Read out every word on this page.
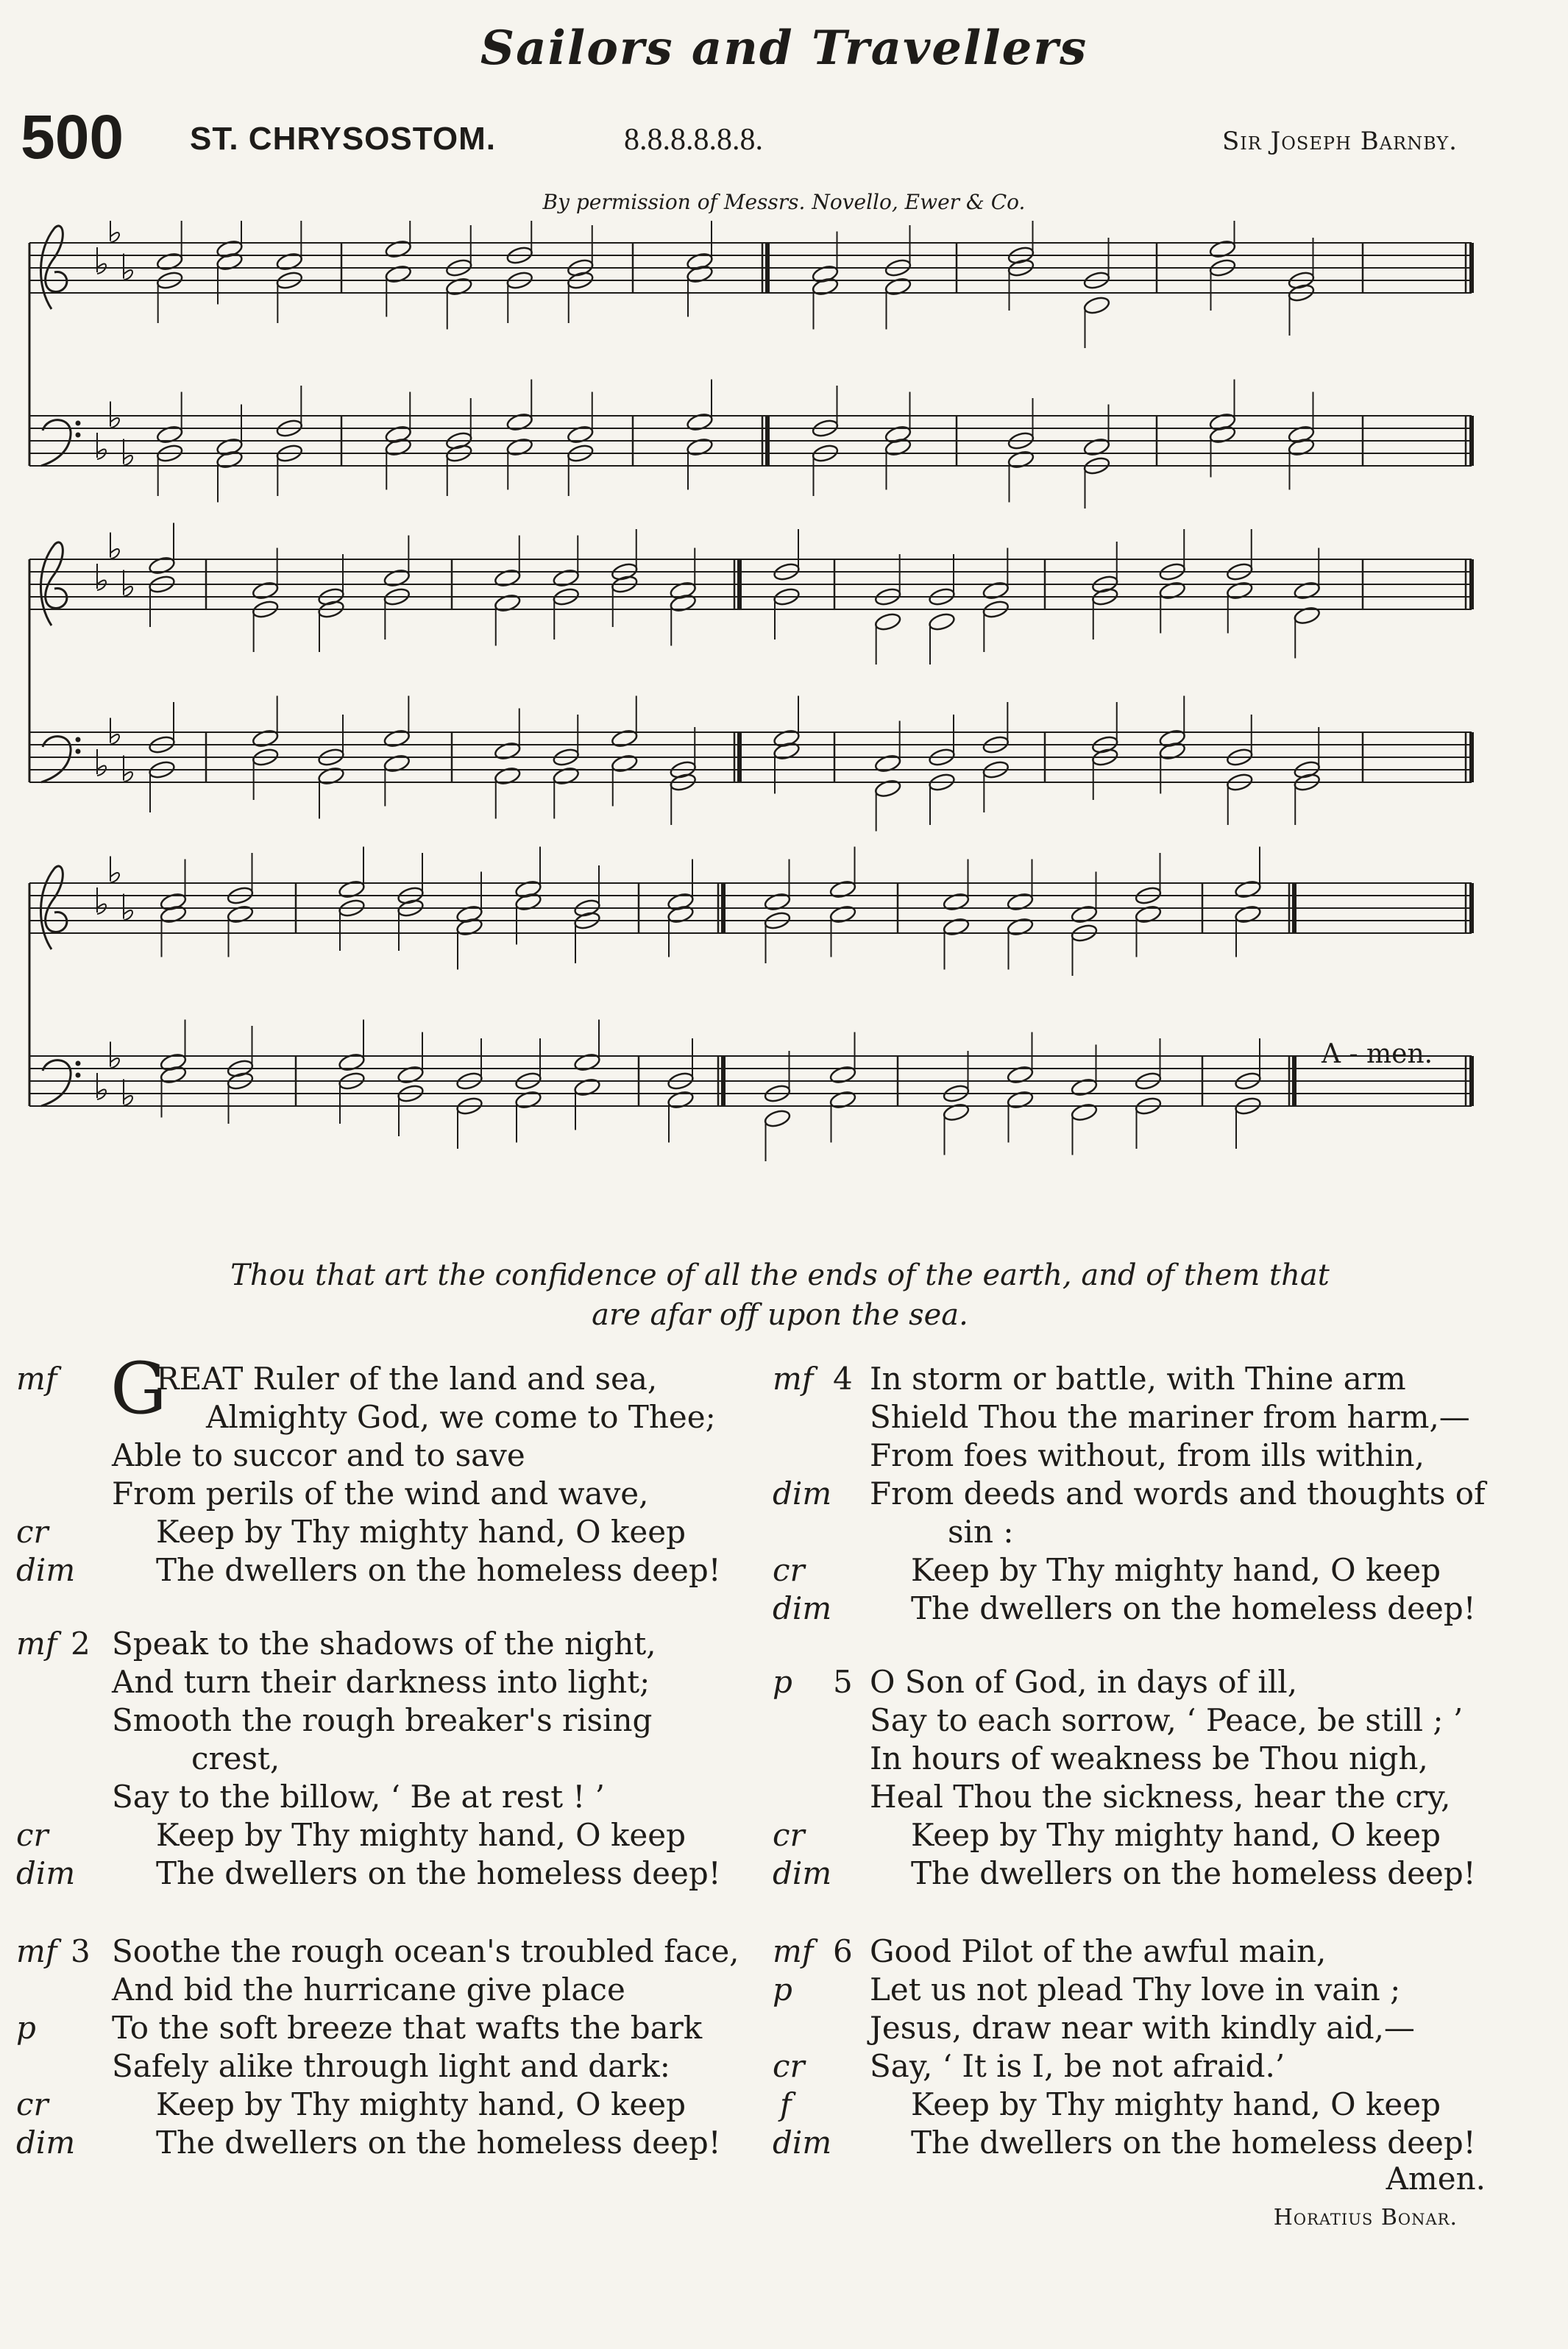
Sailors and Travellers
500 ST. CHRYSOSTOM.	8.8.8.8.8.8.	Sir Joseph Barnby.
By permission of Messrs. Novello, Ewer & Co.
A - men.
Thou that art the confidence of all the ends of the earth, and of them that
are afar off upon the sea.
mf G
REAT Ruler of the land and sea,
Almighty God, we come to Thee;
Able to succor and to save
From perils of the wind and wave,
cr	Keep by Thy mighty hand, O keep
dim	The dwellers on the homeless deep!
mf 2 Speak to the shadows of the night,
And turn their darkness into light;
Smooth the rough breaker's rising
crest,
Say to the billow, ‘ Be at rest ! ’
cr	Keep by Thy mighty hand, O keep
dim	The dwellers on the homeless deep!
mf 3 Soothe the rough ocean's troubled face,
And bid the hurricane give place
p To the soft breeze that wafts the bark
Safely alike through light and dark:
cr	Keep by Thy mighty hand, O keep
dim	The dwellers on the homeless deep!
mf 4 In storm or battle, with Thine arm
Shield Thou the mariner from harm,—
From foes without, from ills within,
dim From deeds and words and thoughts of
sin :
cr	Keep by Thy mighty hand, O keep
dim	The dwellers on the homeless deep!
p 5 O Son of God, in days of ill,
Say to each sorrow, ‘ Peace, be still ; ’
In hours of weakness be Thou nigh,
Heal Thou the sickness, hear the cry,
cr	Keep by Thy mighty hand, O keep
dim	The dwellers on the homeless deep!
mf 6 Good Pilot of the awful main,
p	Let us not plead Thy love in vain ;
Jesus, draw near with kindly aid,—
cr Say, ‘ It is I, be not afraid.’
f	Keep by Thy mighty hand, O keep
dim	The dwellers on the homeless deep!
Amen.
Horatius Bonar.
